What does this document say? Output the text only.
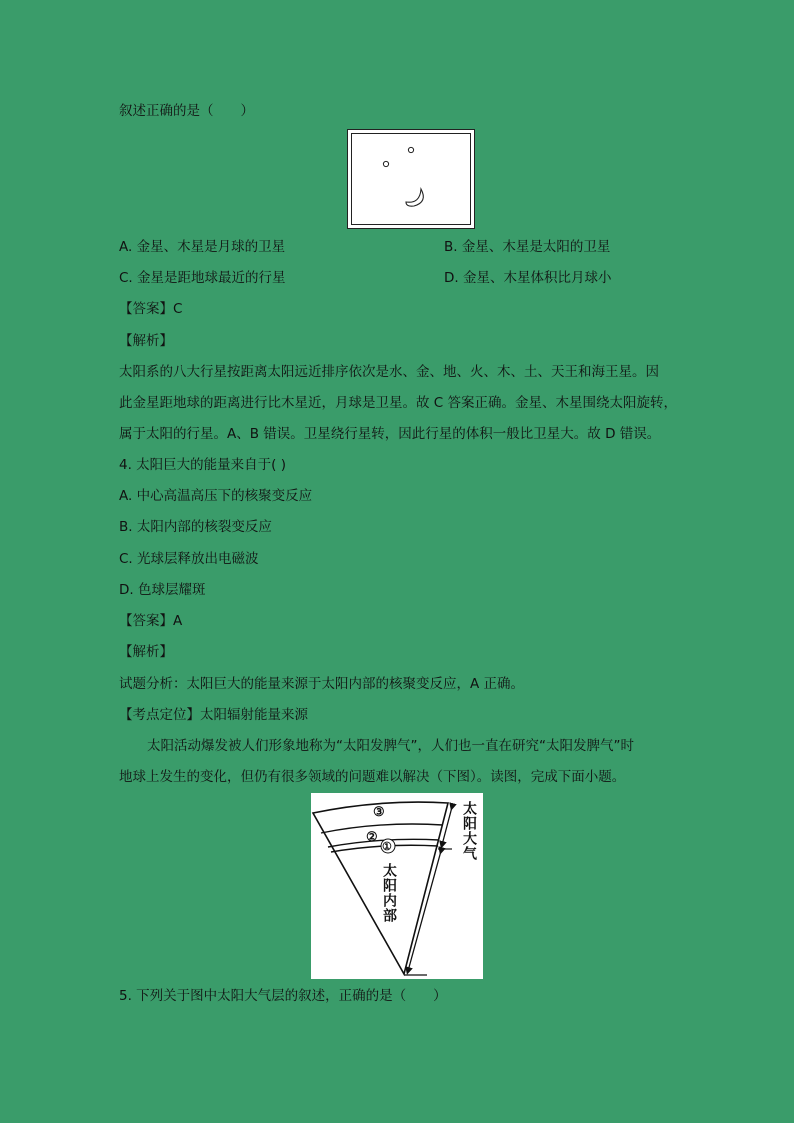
叙述正确的是（　　）
A. 金星、木星是月球的卫星	B. 金星、木星是太阳的卫星
C. 金星是距地球最近的行星	D. 金星、木星体积比月球小
【答案】C
【解析】
太阳系的八大行星按距离太阳远近排序依次是水、金、地、火、木、土、天王和海王星。因
此金星距地球的距离进行比木星近，月球是卫星。故 C 答案正确。金星、木星围绕太阳旋转，
属于太阳的行星。A、B 错误。卫星绕行星转，因此行星的体积一般比卫星大。故 D 错误。
4. 太阳巨大的能量来自于( )
A. 中心高温高压下的核聚变反应
B. 太阳内部的核裂变反应
C. 光球层释放出电磁波
D. 色球层耀斑
【答案】A
【解析】
试题分析：太阳巨大的能量来源于太阳内部的核聚变反应，A 正确。
【考点定位】太阳辐射能量来源
太阳活动爆发被人们形象地称为“太阳发脾气”，人们也一直在研究“太阳发脾气”时
地球上发生的变化，但仍有很多领域的问题难以解决（下图）。读图，完成下面小题。
③
②
①
太阳内部
太阳大气
5. 下列关于图中太阳大气层的叙述，正确的是（　　）
